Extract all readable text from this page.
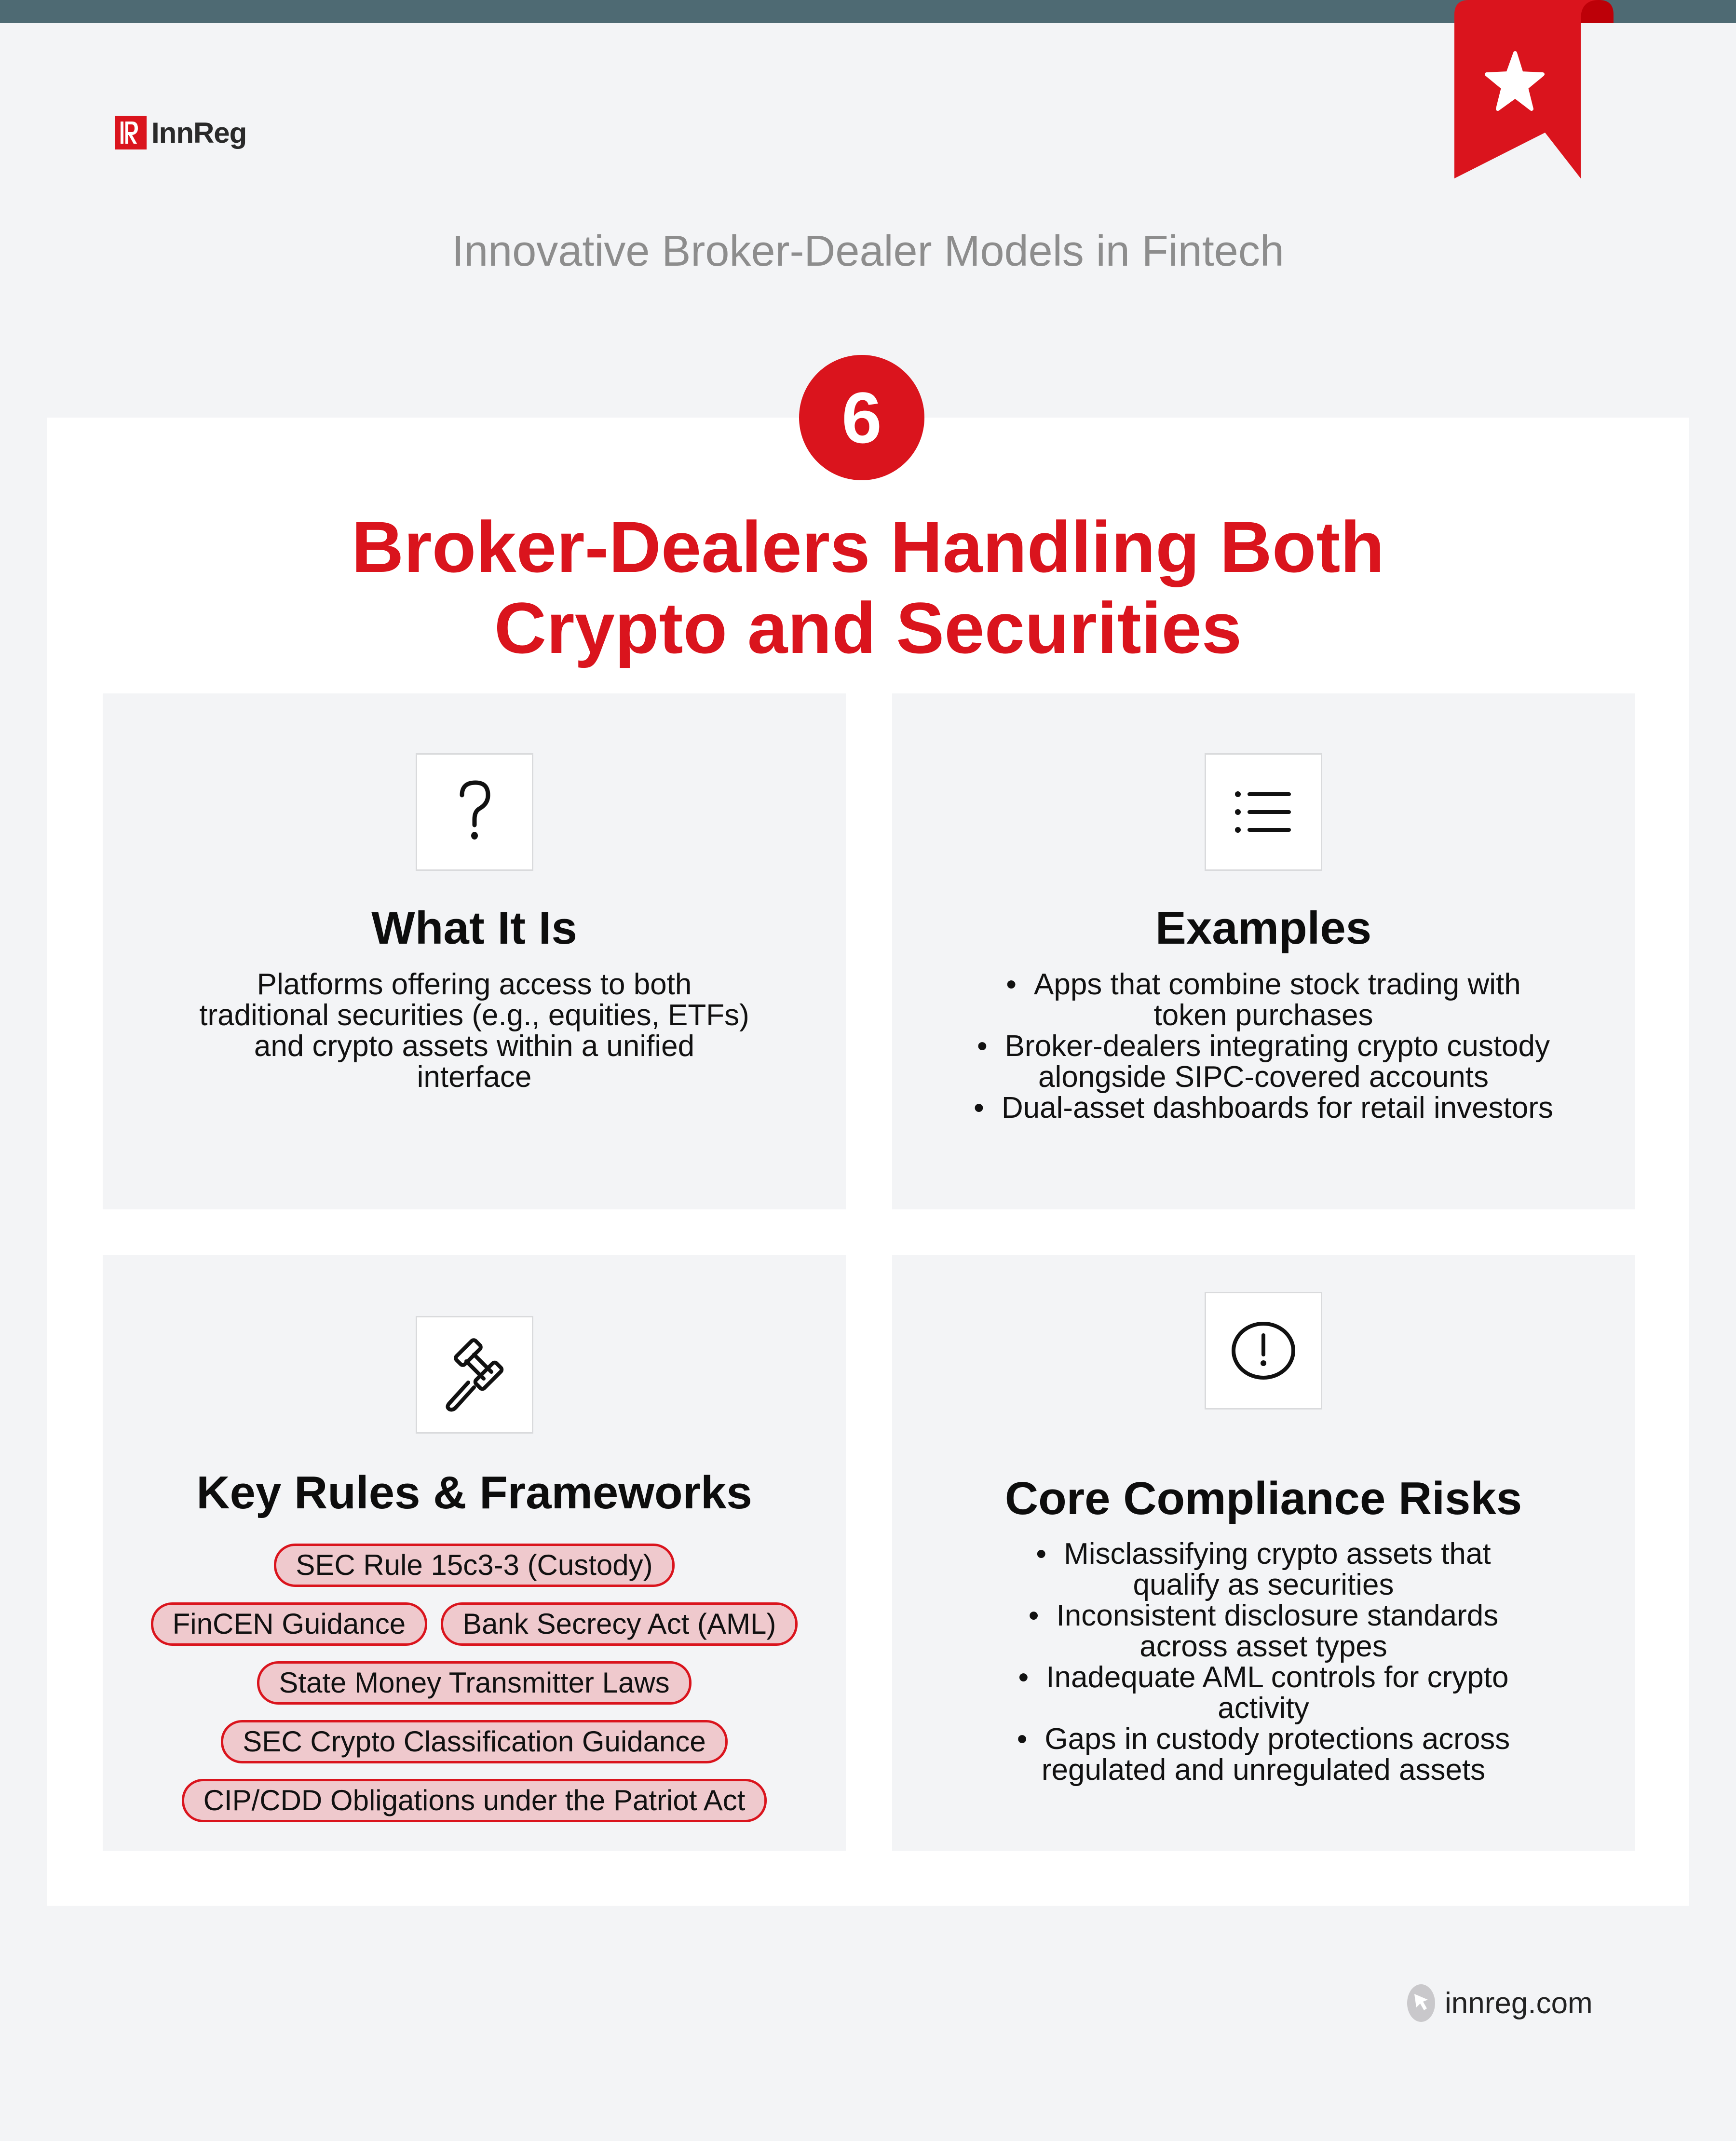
InnReg
Innovative Broker-Dealer Models in Fintech
6
Broker-Dealers Handling Both
Crypto and Securities
What It Is
Platforms offering access to both
traditional securities (e.g., equities, ETFs)
and crypto assets within a unified
interface
Examples
• Apps that combine stock trading with
token purchases
• Broker-dealers integrating crypto custody
alongside SIPC-covered accounts
• Dual-asset dashboards for retail investors
Key Rules & Frameworks
SEC Rule 15c3-3 (Custody)
FinCEN Guidance	Bank Secrecy Act (AML)
State Money Transmitter Laws
SEC Crypto Classification Guidance
CIP/CDD Obligations under the Patriot Act
Core Compliance Risks
• Misclassifying crypto assets that
qualify as securities
• Inconsistent disclosure standards
across asset types
• Inadequate AML controls for crypto
activity
• Gaps in custody protections across
regulated and unregulated assets
innreg.com
